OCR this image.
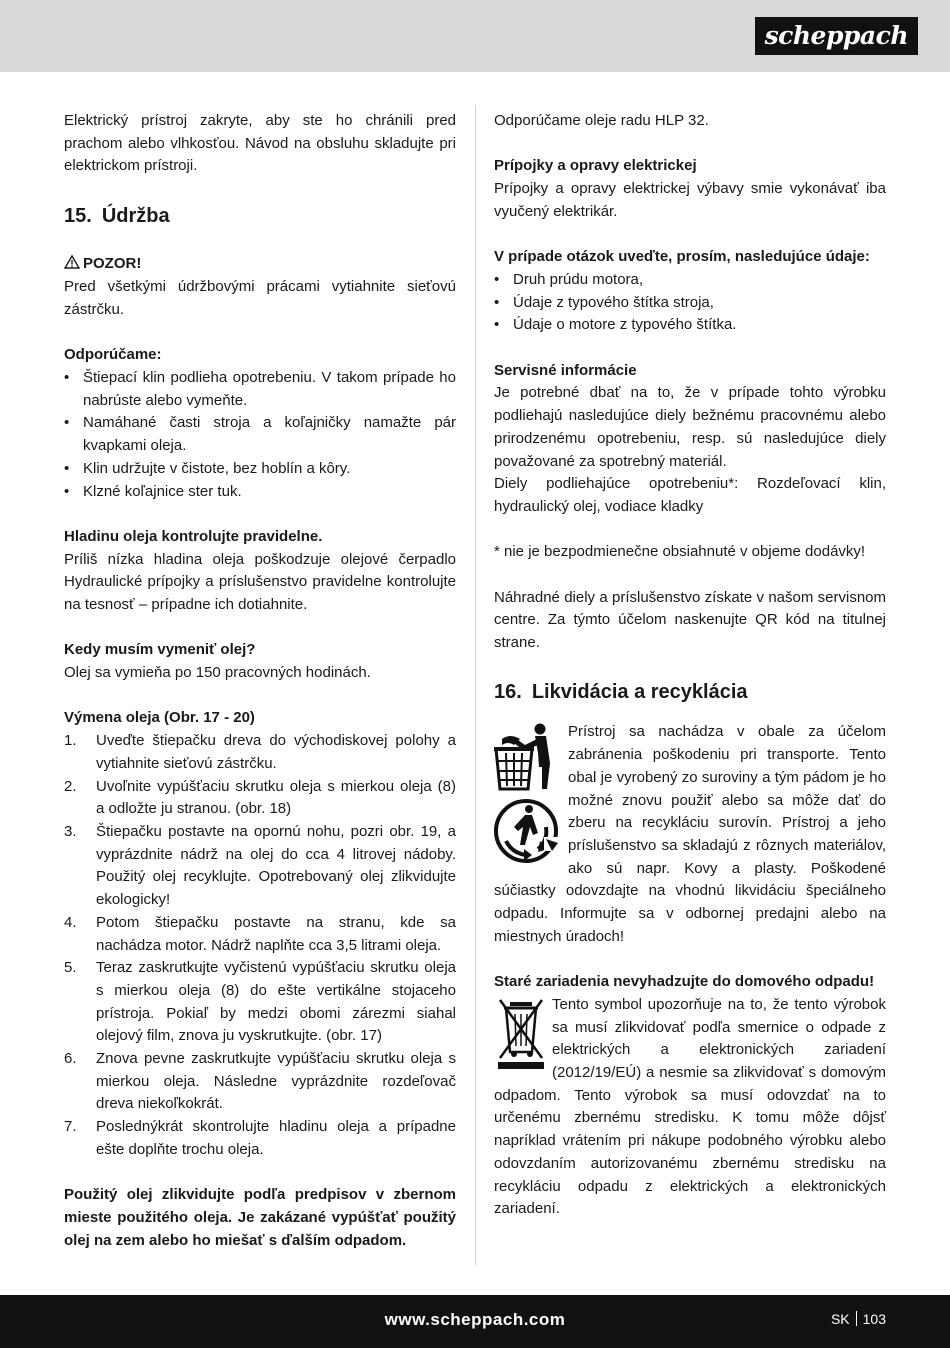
scheppach

Elektrický prístroj zakryte, aby ste ho chránili pred prachom alebo vlhkosťou. Návod na obsluhu skladujte pri elektrickom prístroji.

15. Údržba

POZOR!

Pred všetkými údržbovými prácami vytiahnite sieťovú zástrčku.

Odporúčame:

• Štiepací klin podlieha opotrebeniu. V takom prípade ho nabrúste alebo vymeňte.
• Namáhané časti stroja a koľajničky namažte pár kvapkami oleja.
• Klin udržujte v čistote, bez hoblín a kôry.
• Klzné koľajnice ster tuk.

Hladinu oleja kontrolujte pravidelne.

Príliš nízka hladina oleja poškodzuje olejové čerpadlo Hydraulické prípojky a príslušenstvo pravidelne kontrolujte na tesnosť – prípadne ich dotiahnite.

Kedy musím vymeniť olej?

Olej sa vymieňa po 150 pracovných hodinách.

Výmena oleja (Obr. 17 - 20)

1. Uveďte štiepačku dreva do východiskovej polohy a vytiahnite sieťovú zástrčku.
2. Uvoľnite vypúšťaciu skrutku oleja s mierkou oleja (8) a odložte ju stranou. (obr. 18)
3. Štiepačku postavte na opornú nohu, pozri obr. 19, a vyprázdnite nádrž na olej do cca 4 litrovej nádoby. Použitý olej recyklujte. Opotrebovaný olej zlikvidujte ekologicky!
4. Potom štiepačku postavte na stranu, kde sa nachádza motor. Nádrž naplňte cca 3,5 litrami oleja.
5. Teraz zaskrutkujte vyčistenú vypúšťaciu skrutku oleja s mierkou oleja (8) do ešte vertikálne stojaceho prístroja. Pokiaľ by medzi obomi zárezmi siahal olejový film, znova ju vyskrutkujte. (obr. 17)
6. Znova pevne zaskrutkujte vypúšťaciu skrutku oleja s mierkou oleja. Následne vyprázdnite rozdeľovač dreva niekoľkokrát.
7. Poslednýkrát skontrolujte hladinu oleja a prípadne ešte doplňte trochu oleja.

Použitý olej zlikvidujte podľa predpisov v zbernom mieste použitého oleja. Je zakázané vypúšťať použitý olej na zem alebo ho miešať s ďalším odpadom.

Odporúčame oleje radu HLP 32.

Prípojky a opravy elektrickej

Prípojky a opravy elektrickej výbavy smie vykonávať iba vyučený elektrikár.

V prípade otázok uveďte, prosím, nasledujúce údaje:

• Druh prúdu motora,
• Údaje z typového štítka stroja,
• Údaje o motore z typového štítka.

Servisné informácie

Je potrebné dbať na to, že v prípade tohto výrobku podliehajú nasledujúce diely bežnému pracovnému alebo prirodzenému opotrebeniu, resp. sú nasledujúce diely považované za spotrebný materiál.

Diely podliehajúce opotrebeniu*: Rozdeľovací klin, hydraulický olej, vodiace kladky

* nie je bezpodmienečne obsiahnuté v objeme dodávky!

Náhradné diely a príslušenstvo získate v našom servisnom centre. Za týmto účelom naskenujte QR kód na titulnej strane.

16. Likvidácia a recyklácia

Prístroj sa nachádza v obale za účelom zabránenia poškodeniu pri transporte. Tento obal je vyrobený zo suroviny a tým pádom je ho možné znovu použiť alebo sa môže dať do zberu na recykláciu surovín. Prístroj a jeho príslušenstvo sa skladajú z rôznych materiálov, ako sú napr. Kovy a plasty. Poškodené súčiastky odovzdajte na vhodnú likvidáciu špeciálneho odpadu. Informujte sa v odbornej predajni alebo na miestnych úradoch!

Staré zariadenia nevyhadzujte do domového odpadu!

Tento symbol upozorňuje na to, že tento výrobok sa musí zlikvidovať podľa smernice o odpade z elektrických a elektronických zariadení (2012/19/EÚ) a nesmie sa zlikvidovať s domovým odpadom. Tento výrobok sa musí odovzdať na to určenému zbernému stredisku. K tomu môže dôjsť napríklad vrátením pri nákupe podobného výrobku alebo odovzdaním autorizovanému zbernému stredisku na recykláciu odpadu z elektrických a elektronických zariadení.

www.scheppach.com	SK 103
